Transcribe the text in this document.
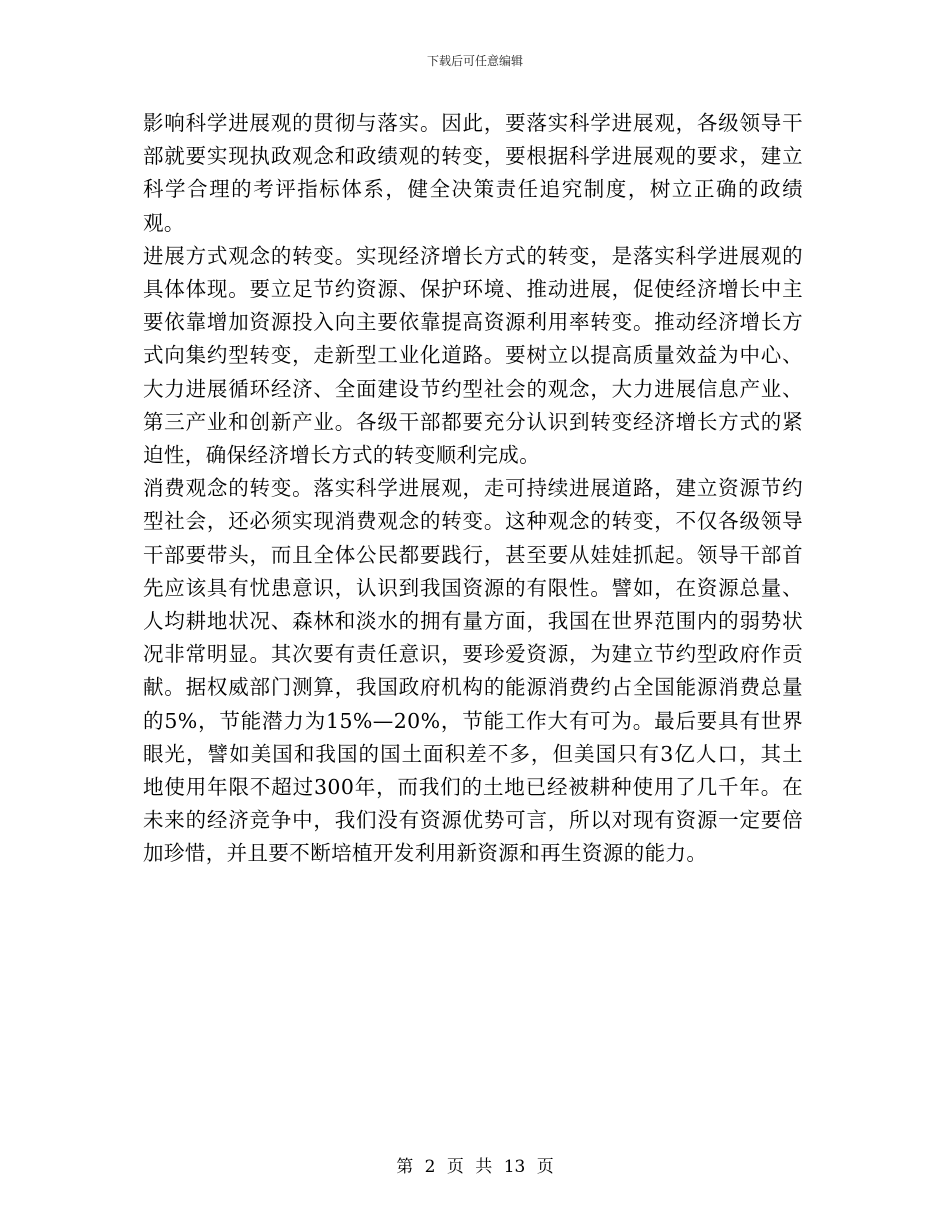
下载后可任意编辑

影响科学进展观的贯彻与落实。因此，要落实科学进展观，各级领导干部就要实现执政观念和政绩观的转变，要根据科学进展观的要求，建立科学合理的考评指标体系，健全决策责任追究制度，树立正确的政绩观。

进展方式观念的转变。实现经济增长方式的转变，是落实科学进展观的具体体现。要立足节约资源、保护环境、推动进展，促使经济增长中主要依靠增加资源投入向主要依靠提高资源利用率转变。推动经济增长方式向集约型转变，走新型工业化道路。要树立以提高质量效益为中心、大力进展循环经济、全面建设节约型社会的观念，大力进展信息产业、第三产业和创新产业。各级干部都要充分认识到转变经济增长方式的紧迫性，确保经济增长方式的转变顺利完成。

消费观念的转变。落实科学进展观，走可持续进展道路，建立资源节约型社会，还必须实现消费观念的转变。这种观念的转变，不仅各级领导干部要带头，而且全体公民都要践行，甚至要从娃娃抓起。领导干部首先应该具有忧患意识，认识到我国资源的有限性。譬如，在资源总量、人均耕地状况、森林和淡水的拥有量方面，我国在世界范围内的弱势状况非常明显。其次要有责任意识，要珍爱资源，为建立节约型政府作贡献。据权威部门测算，我国政府机构的能源消费约占全国能源消费总量的5%，节能潜力为15%—20%，节能工作大有可为。最后要具有世界眼光，譬如美国和我国的国土面积差不多，但美国只有3亿人口，其土地使用年限不超过300年，而我们的土地已经被耕种使用了几千年。在未来的经济竞争中，我们没有资源优势可言，所以对现有资源一定要倍加珍惜，并且要不断培植开发利用新资源和再生资源的能力。

第 2 页 共 13 页
